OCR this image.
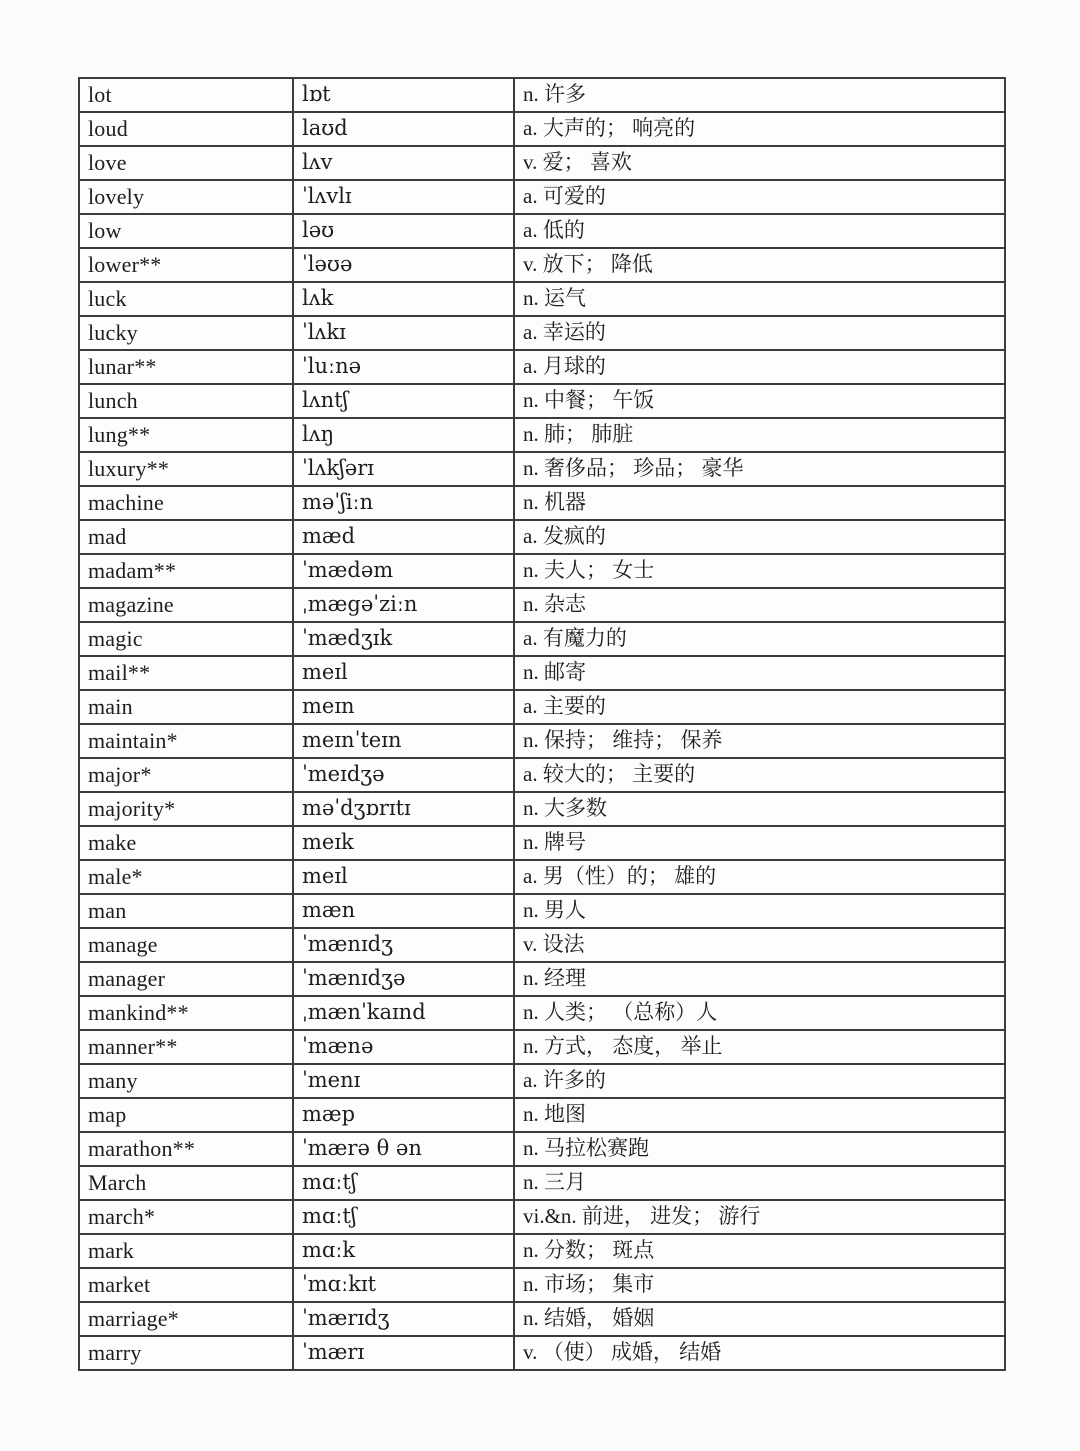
lot	lɒt	n. 许多
loud	laʊd	a. 大声的； 响亮的
love	lʌv	v. 爱； 喜欢
lovely	ˈlʌvlɪ	a. 可爱的
low	ləʊ	a. 低的
lower**	ˈləʊə	v. 放下； 降低
luck	lʌk	n. 运气
lucky	ˈlʌkɪ	a. 幸运的
lunar**	ˈluːnə	a. 月球的
lunch	lʌntʃ	n. 中餐； 午饭
lung**	lʌŋ	n. 肺； 肺脏
luxury**	ˈlʌkʃərɪ	n. 奢侈品； 珍品； 豪华
machine	məˈʃiːn	n. 机器
mad	mæd	a. 发疯的
madam**	ˈmædəm	n. 夫人； 女士
magazine	ˌmægəˈziːn	n. 杂志
magic	ˈmædʒɪk	a. 有魔力的
mail**	meɪl	n. 邮寄
main	meɪn	a. 主要的
maintain*	meɪnˈteɪn	n. 保持； 维持； 保养
major*	ˈmeɪdʒə	a. 较大的； 主要的
majority*	məˈdʒɒrɪtɪ	n. 大多数
make	meɪk	n. 牌号
male*	meɪl	a. 男（性）的； 雄的
man	mæn	n. 男人
manage	ˈmænɪdʒ	v. 设法
manager	ˈmænɪdʒə	n. 经理
mankind**	ˌmænˈkaɪnd	n. 人类； （总称）人
manner**	ˈmænə	n. 方式， 态度， 举止
many	ˈmenɪ	a. 许多的
map	mæp	n. 地图
marathon**	ˈmærə θ ən	n. 马拉松赛跑
March	mɑːtʃ	n. 三月
march*	mɑːtʃ	vi.&n. 前进， 进发； 游行
mark	mɑːk	n. 分数； 斑点
market	ˈmɑːkɪt	n. 市场； 集市
marriage*	ˈmærɪdʒ	n. 结婚， 婚姻
marry	ˈmærɪ	v. （使） 成婚， 结婚
